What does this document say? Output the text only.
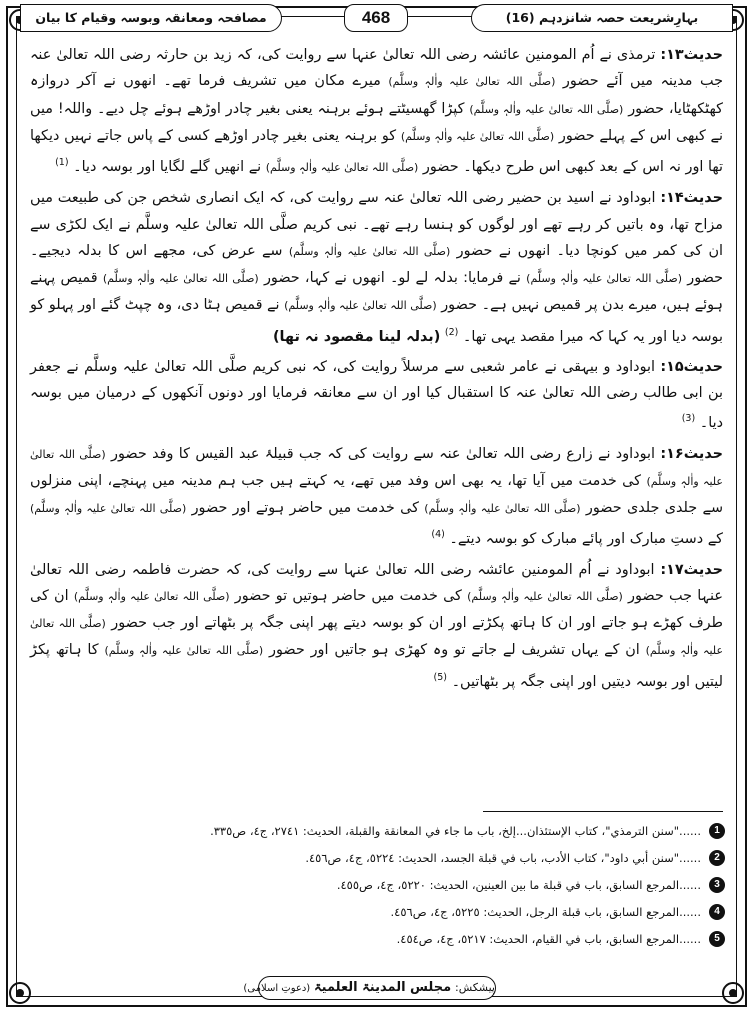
بہارِشریعت حصہ شانزدہم (16)
468
مصافحہ ومعانقہ وبوسہ وقیام کا بیان

حدیث۱۳: ترمذی نے اُم المومنین عائشہ رضی اللہ تعالیٰ عنہا سے روایت کی، کہ زید بن حارثہ رضی اللہ تعالیٰ عنہ جب مدینہ میں آئے حضور (صلَّی اللہ تعالیٰ علیہ واٰلہٖ وسلَّم) میرے مکان میں تشریف فرما تھے۔ انھوں نے آکر دروازہ کھٹکھٹایا، حضور (صلَّی اللہ تعالیٰ علیہ واٰلہٖ وسلَّم) کپڑا گھسیٹتے ہوئے برہنہ یعنی بغیر چادر اوڑھے ہوئے چل دیے۔ واللہ! میں نے کبھی اس کے پہلے حضور (صلَّی اللہ تعالیٰ علیہ واٰلہٖ وسلَّم) کو برہنہ یعنی بغیر چادر اوڑھے کسی کے پاس جاتے نہیں دیکھا تھا اور نہ اس کے بعد کبھی اس طرح دیکھا۔ حضور (صلَّی اللہ تعالیٰ علیہ واٰلہٖ وسلَّم) نے انھیں گلے لگایا اور بوسہ دیا۔ $^{(1)}$

حدیث۱۴: ابوداود نے اسید بن حضیر رضی اللہ تعالیٰ عنہ سے روایت کی، کہ ایک انصاری شخص جن کی طبیعت میں مزاح تھا، وہ باتیں کر رہے تھے اور لوگوں کو ہنسا رہے تھے۔ نبی کریم صلَّی اللہ تعالیٰ علیہ وسلَّم نے ایک لکڑی سے ان کی کمر میں کونچا دیا۔ انھوں نے حضور (صلَّی اللہ تعالیٰ علیہ واٰلہٖ وسلَّم) سے عرض کی، مجھے اس کا بدلہ دیجیے۔ حضور (صلَّی اللہ تعالیٰ علیہ واٰلہٖ وسلَّم) نے فرمایا: بدلہ لے لو۔ انھوں نے کہا، حضور (صلَّی اللہ تعالیٰ علیہ واٰلہٖ وسلَّم) قمیص پہنے ہوئے ہیں، میرے بدن پر قمیص نہیں ہے۔ حضور (صلَّی اللہ تعالیٰ علیہ واٰلہٖ وسلَّم) نے قمیص ہٹا دی، وہ چپٹ گئے اور پہلو کو بوسہ دیا اور یہ کہا کہ میرا مقصد یہی تھا۔ $^{(2)}$ (بدلہ لینا مقصود نہ تھا)

حدیث۱۵: ابوداود و بیہقی نے عامر شعبی سے مرسلاً روایت کی، کہ نبی کریم صلَّی اللہ تعالیٰ علیہ وسلَّم نے جعفر بن ابی طالب رضی اللہ تعالیٰ عنہ کا استقبال کیا اور ان سے معانقہ فرمایا اور دونوں آنکھوں کے درمیان میں بوسہ دیا۔ $^{(3)}$

حدیث۱۶: ابوداود نے زارع رضی اللہ تعالیٰ عنہ سے روایت کی کہ جب قبیلۂ عبد القیس کا وفد حضور (صلَّی اللہ تعالیٰ علیہ واٰلہٖ وسلَّم) کی خدمت میں آیا تھا، یہ بھی اس وفد میں تھے، یہ کہتے ہیں جب ہم مدینہ میں پہنچے، اپنی منزلوں سے جلدی جلدی حضور (صلَّی اللہ تعالیٰ علیہ واٰلہٖ وسلَّم) کی خدمت میں حاضر ہوتے اور حضور (صلَّی اللہ تعالیٰ علیہ واٰلہٖ وسلَّم) کے دستِ مبارک اور پائے مبارک کو بوسہ دیتے۔ $^{(4)}$

حدیث۱۷: ابوداود نے اُم المومنین عائشہ رضی اللہ تعالیٰ عنہا سے روایت کی، کہ حضرت فاطمہ رضی اللہ تعالیٰ عنہا جب حضور (صلَّی اللہ تعالیٰ علیہ واٰلہٖ وسلَّم) کی خدمت میں حاضر ہوتیں تو حضور (صلَّی اللہ تعالیٰ علیہ واٰلہٖ وسلَّم) ان کی طرف کھڑے ہو جاتے اور ان کا ہاتھ پکڑتے اور ان کو بوسہ دیتے پھر اپنی جگہ پر بٹھاتے اور جب حضور (صلَّی اللہ تعالیٰ علیہ واٰلہٖ وسلَّم) ان کے یہاں تشریف لے جاتے تو وہ کھڑی ہو جاتیں اور حضور (صلَّی اللہ تعالیٰ علیہ واٰلہٖ وسلَّم) کا ہاتھ پکڑ لیتیں اور بوسہ دیتیں اور اپنی جگہ پر بٹھاتیں۔ $^{(5)}$

1
......"سنن الترمذي"، كتاب الإستئذان...إلخ، باب ما جاء في المعانقة والقبلة، الحديث: ٢٧٤١، ج٤، ص٣٣٥.
2
......"سنن أبي داود"، كتاب الأدب، باب في قبلة الجسد، الحديث: ٥٢٢٤، ج٤، ص٤٥٦.
3
......المرجع السابق، باب في قبلة ما بين العينين، الحديث: ٥٢٢٠، ج٤، ص٤٥٥.
4
......المرجع السابق، باب قبلة الرجل، الحديث: ٥٢٢٥، ج٤، ص٤٥٦.
5
......المرجع السابق، باب في القيام، الحديث: ٥٢١٧، ج٤، ص٤٥٤.
پیشکش: مجلس المدینۃ العلمیۃ (دعوتِ اسلامی)
